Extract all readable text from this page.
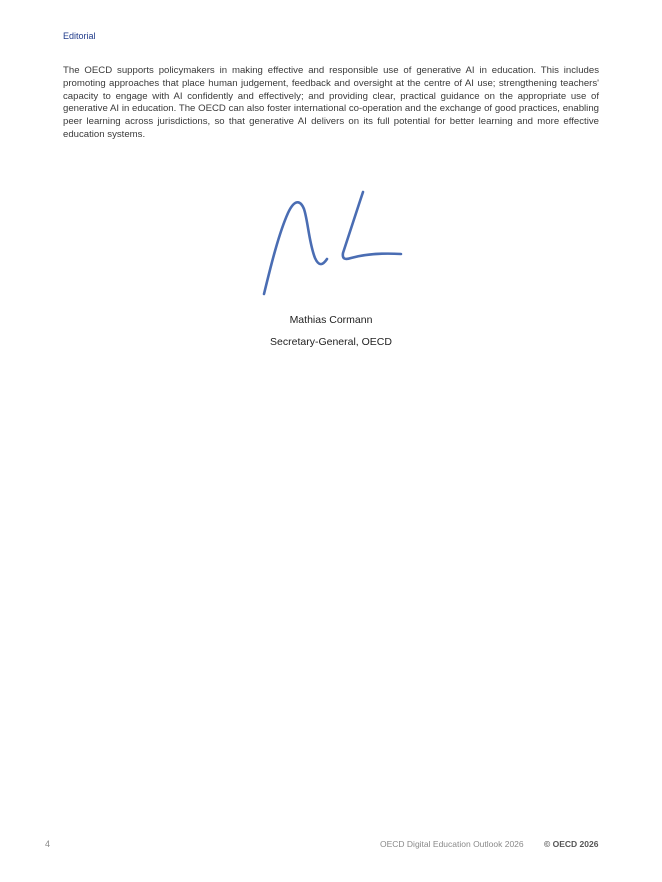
Editorial

The OECD supports policymakers in making effective and responsible use of generative AI in education. This includes promoting approaches that place human judgement, feedback and oversight at the centre of AI use; strengthening teachers' capacity to engage with AI confidently and effectively; and providing clear, practical guidance on the appropriate use of generative AI in education. The OECD can also foster international co-operation and the exchange of good practices, enabling peer learning across jurisdictions, so that generative AI delivers on its full potential for better learning and more effective education systems.

Mathias Cormann
Secretary-General, OECD
4	OECD Digital Education Outlook 2026 © OECD 2026
